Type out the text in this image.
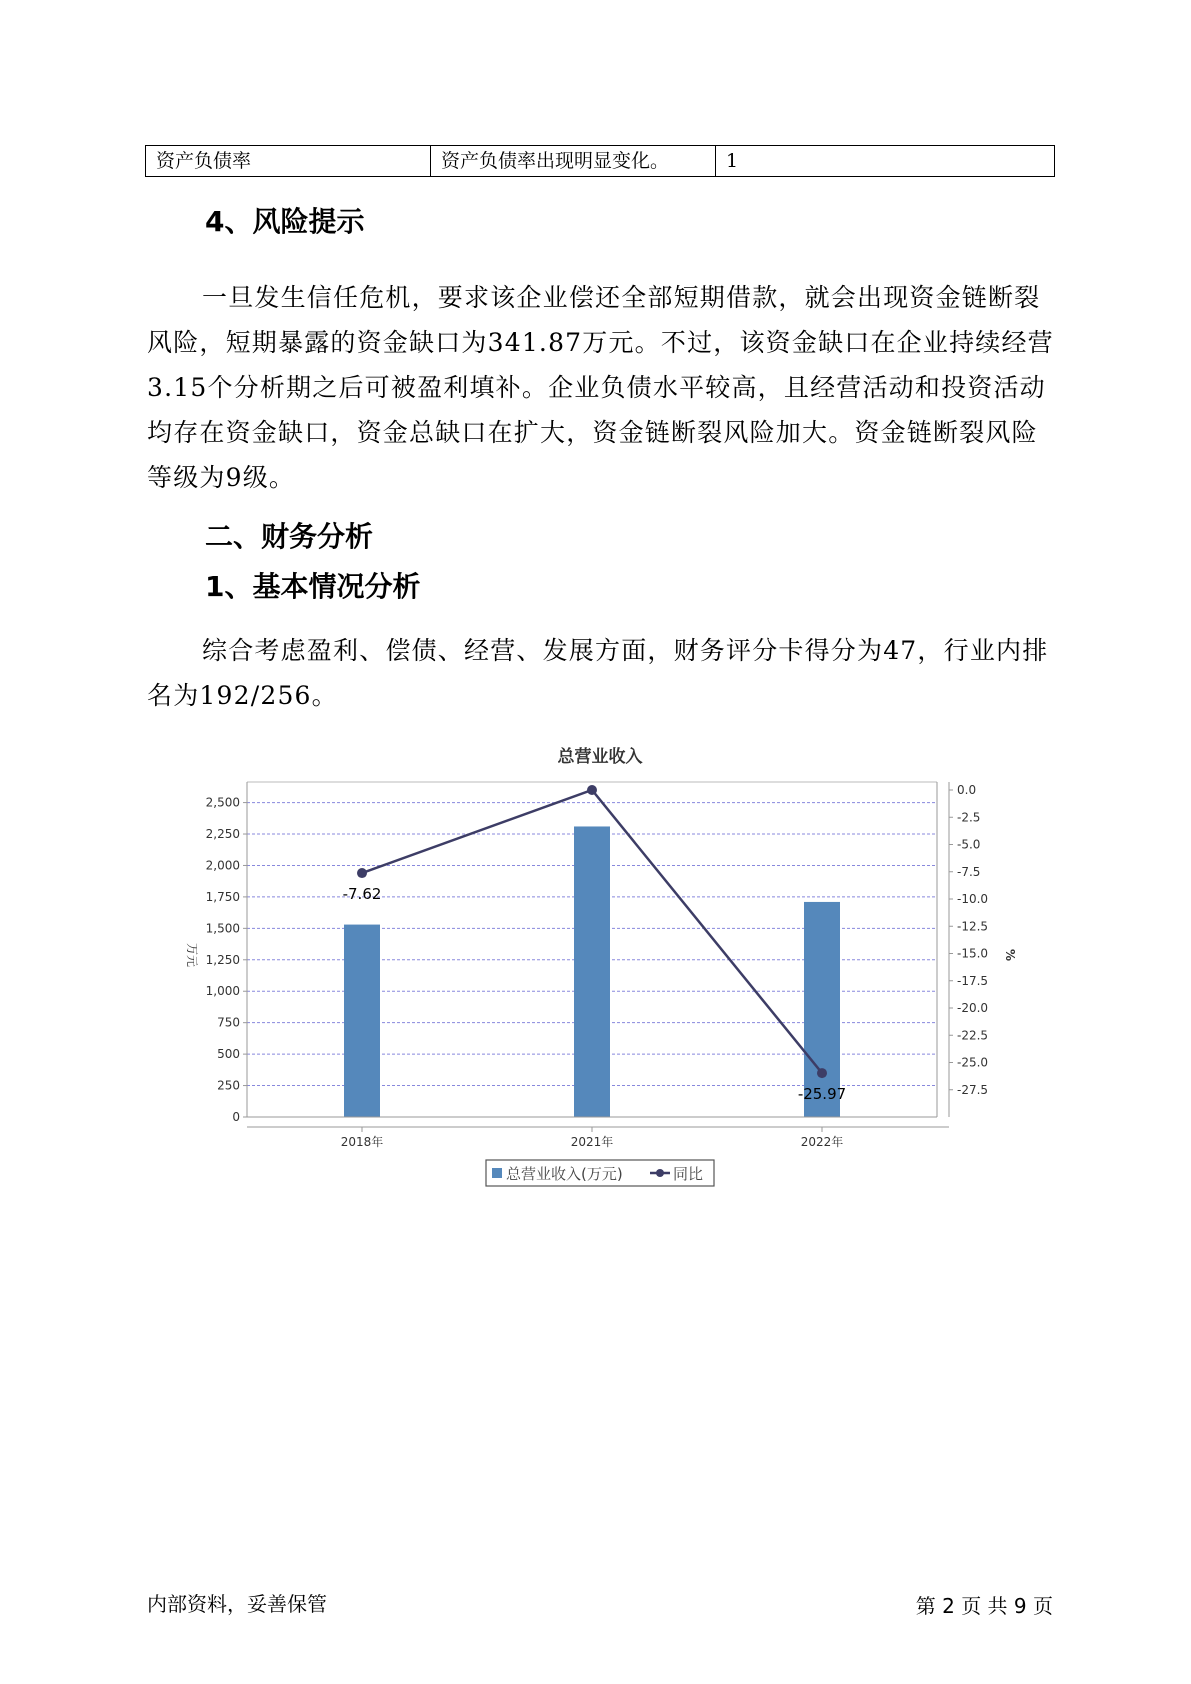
资产负债率	资产负债率出现明显变化。	1
4、风险提示

一旦发生信任危机，要求该企业偿还全部短期借款，就会出现资金链断裂风险，短期暴露的资金缺口为341.87万元。不过，该资金缺口在企业持续经营 3.15个分析期之后可被盈利填补。企业负债水平较高，且经营活动和投资活动均存在资金缺口，资金总缺口在扩大，资金链断裂风险加大。资金链断裂风险等级为9级。

二、财务分析
1、基本情况分析

综合考虑盈利、偿债、经营、发展方面，财务评分卡得分为47，行业内排名为192/256。

总营业收入
0
250
500
750
1,000
1,250
1,500
1,750
2,000
2,250
2,500
0.0
-2.5
-5.0
-7.5
-10.0
-12.5
-15.0
-17.5
-20.0
-22.5
-25.0
-27.5
-7.62
-25.97
2018年	2021年	2022年
万元	%
总营业收入(万元)	同比
内部资料，妥善保管	第 2 页 共 9 页
